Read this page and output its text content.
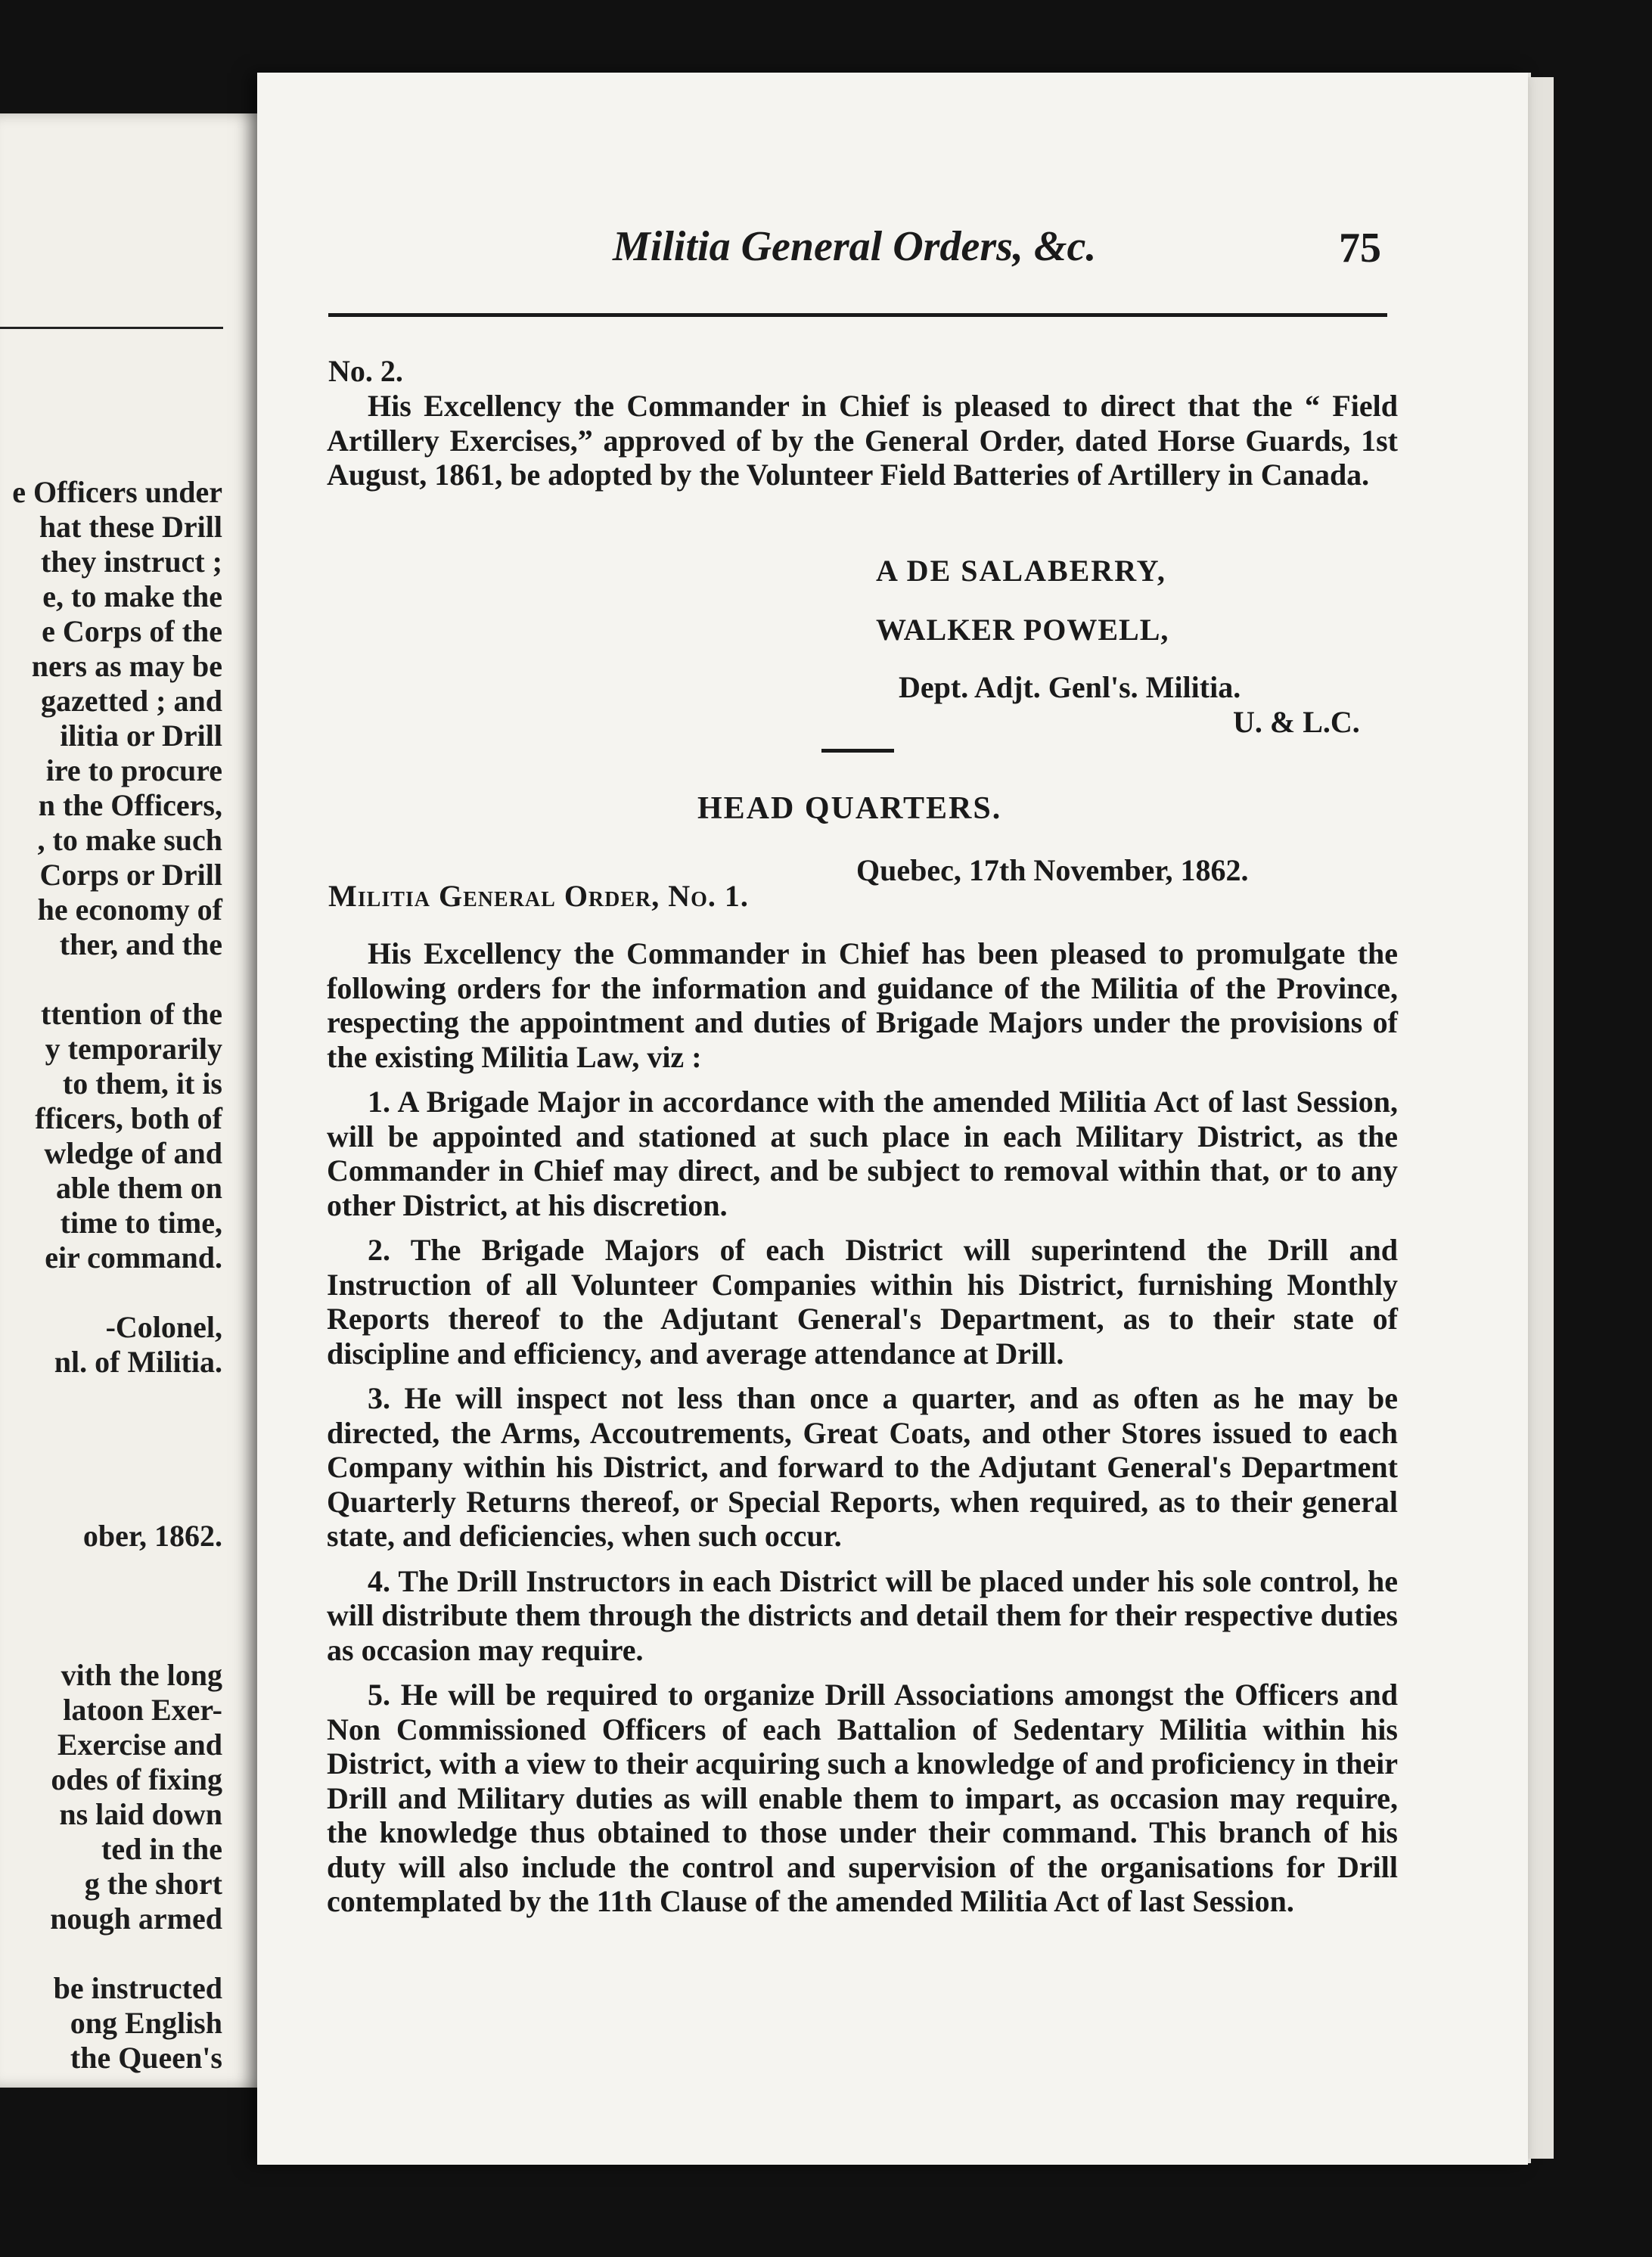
e Officers under
hat these Drill
they instruct ;
e, to make the
e Corps of the
ners as may be
gazetted ; and
ilitia or Drill
ire to procure
n the Officers,
, to make such
Corps or Drill
he economy of
ther, and the
ttention of the
y temporarily
to them, it is
fficers, both of
wledge of and
able them on
time to time,
eir command.
-Colonel,
nl. of Militia.
ober, 1862.
vith the long
latoon Exer-
Exercise and
odes of fixing
ns laid down
ted in the
g the short
nough armed
be instructed
ong English
the Queen's
Militia General Orders, &c.	75
No. 2.

His Excellency the Commander in Chief is pleased to direct that the “ Field Artillery Exercises,” approved of by the General Order, dated Horse Guards, 1st August, 1861, be adopted by the Volunteer Field Batteries of Artillery in Canada.

A DE SALABERRY,
WALKER POWELL,
Dept. Adjt. Genl's. Militia.
U. & L.C.
HEAD QUARTERS.
Quebec, 17th November, 1862.
Militia General Order, No. 1.

His Excellency the Commander in Chief has been pleased to promulgate the following orders for the information and guidance of the Militia of the Province, respecting the appointment and duties of Brigade Majors under the provisions of the existing Militia Law, viz :

1. A Brigade Major in accordance with the amended Militia Act of last Session, will be appointed and stationed at such place in each Military District, as the Commander in Chief may direct, and be subject to removal within that, or to any other District, at his discretion.

2. The Brigade Majors of each District will superintend the Drill and Instruction of all Volunteer Companies within his District, furnishing Monthly Reports thereof to the Adjutant General's Department, as to their state of discipline and efficiency, and average attendance at Drill.

3. He will inspect not less than once a quarter, and as often as he may be directed, the Arms, Accoutrements, Great Coats, and other Stores issued to each Company within his District, and forward to the Adjutant General's Department Quarterly Returns thereof, or Special Reports, when required, as to their general state, and deficiencies, when such occur.

4. The Drill Instructors in each District will be placed under his sole control, he will distribute them through the districts and detail them for their respective duties as occasion may require.

5. He will be required to organize Drill Associations amongst the Officers and Non Commissioned Officers of each Battalion of Sedentary Militia within his District, with a view to their acquiring such a knowledge of and proficiency in their Drill and Military duties as will enable them to impart, as occasion may require, the knowledge thus obtained to those under their command. This branch of his duty will also include the control and supervision of the organisations for Drill contemplated by the 11th Clause of the amended Militia Act of last Session.
